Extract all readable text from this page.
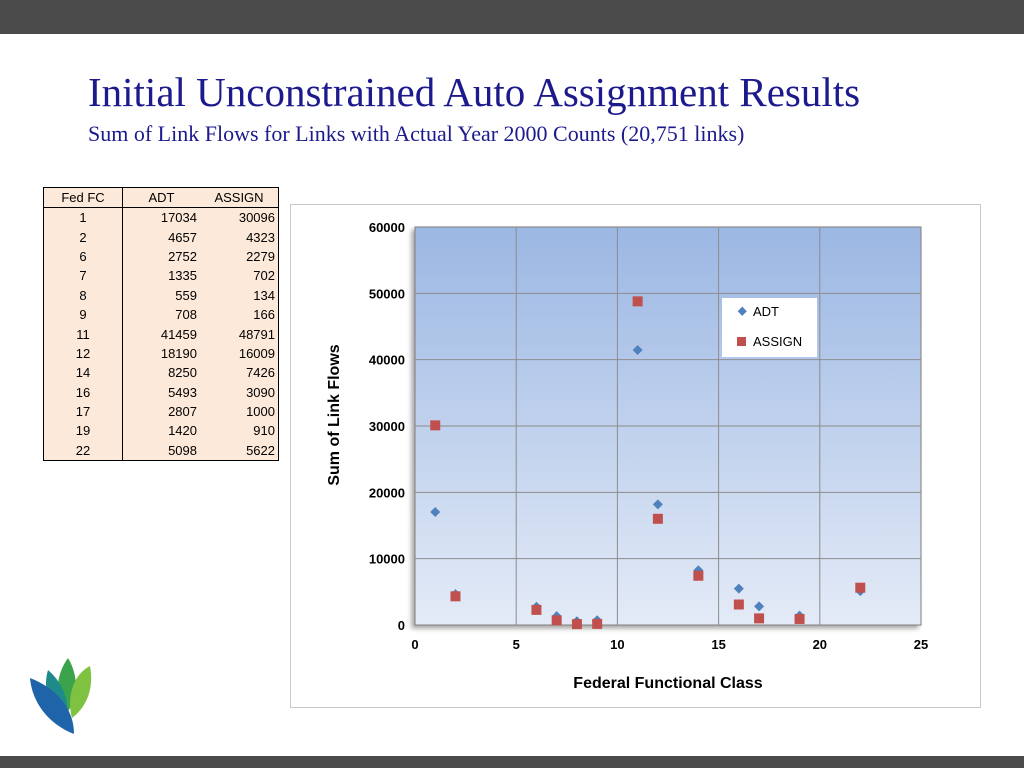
Initial Unconstrained Auto Assignment Results
Sum of Link Flows for Links with Actual Year 2000 Counts (20,751 links)
Fed FC	ADT	ASSIGN
1	17034	30096
2	4657	4323
6	2752	2279
7	1335	702
8	559	134
9	708	166
11	41459	48791
12	18190	16009
14	8250	7426
16	5493	3090
17	2807	1000
19	1420	910
22	5098	5622
0
10000
20000
30000
40000
50000
60000
0	5	10	15	20	25
Federal Functional Class
Sum of Link Flows
ADT
ASSIGN
